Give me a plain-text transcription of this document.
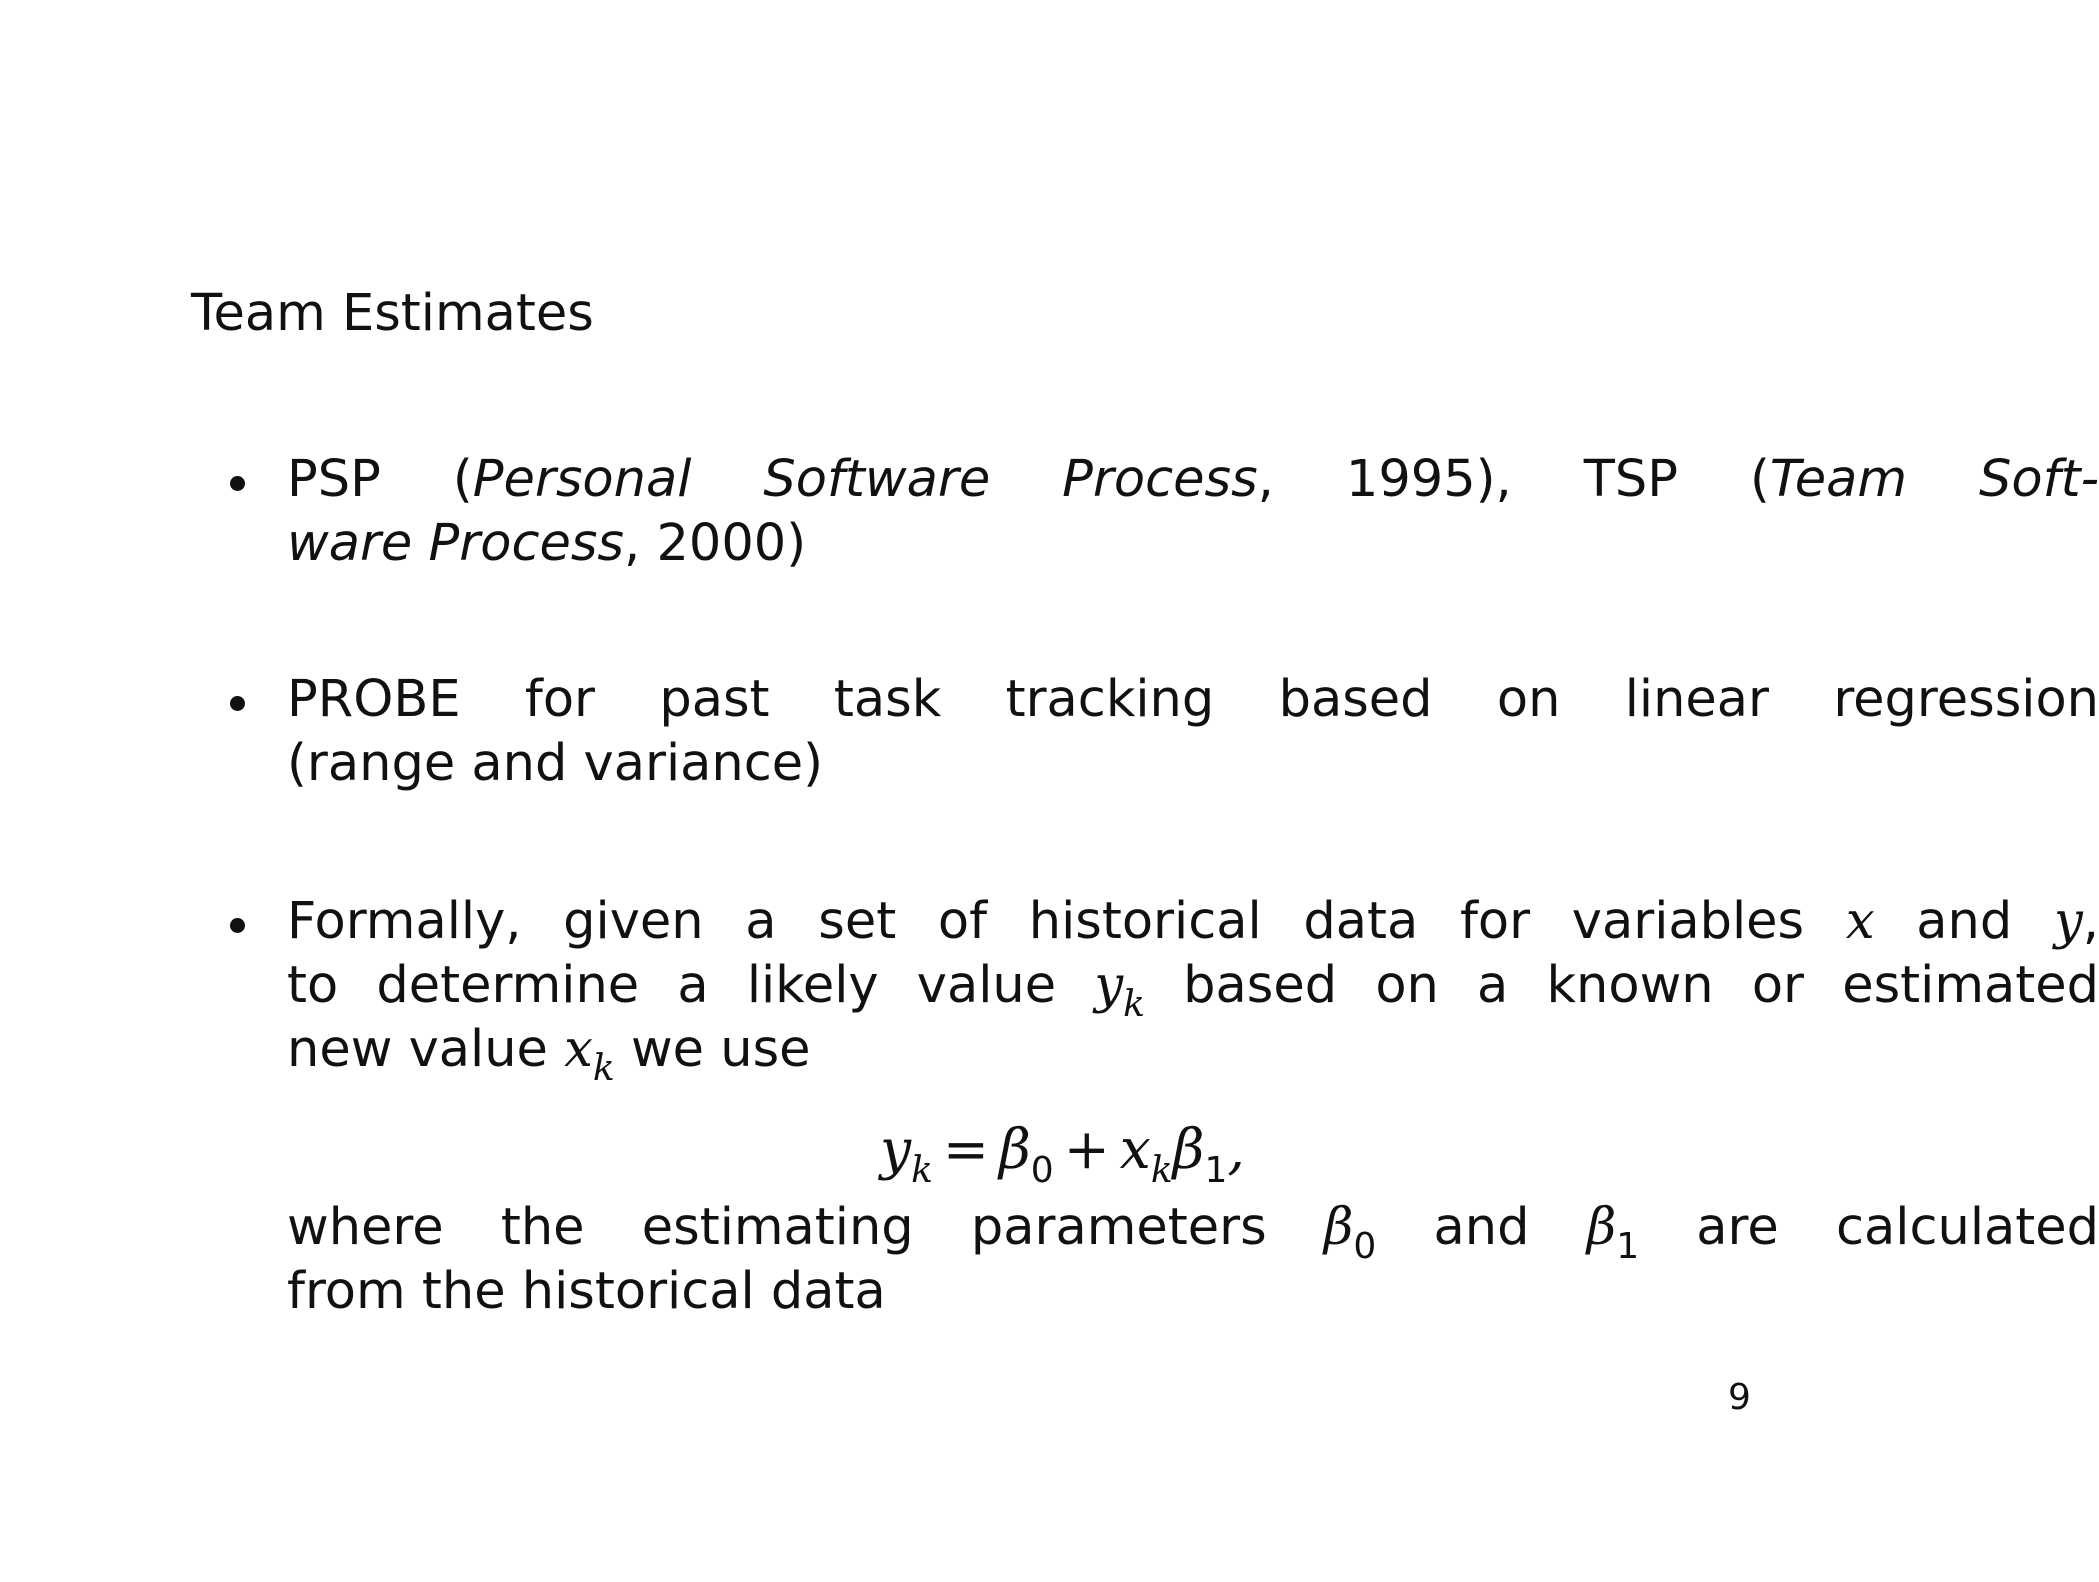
Team Estimates
PSP (Personal Software Process, 1995), TSP (Team Soft-
ware Process, 2000)
PROBE for past task tracking based on linear regression
(range and variance)
Formally, given a set of historical data for variables x and y,
to determine a likely value $y_k$ based on a known or estimated
new value $x_k$ we use
where the estimating parameters $\beta_0$ and $\beta_1$ are calculated
from the historical data
$y_k = \beta_0 + x_k\beta_1$,
9
